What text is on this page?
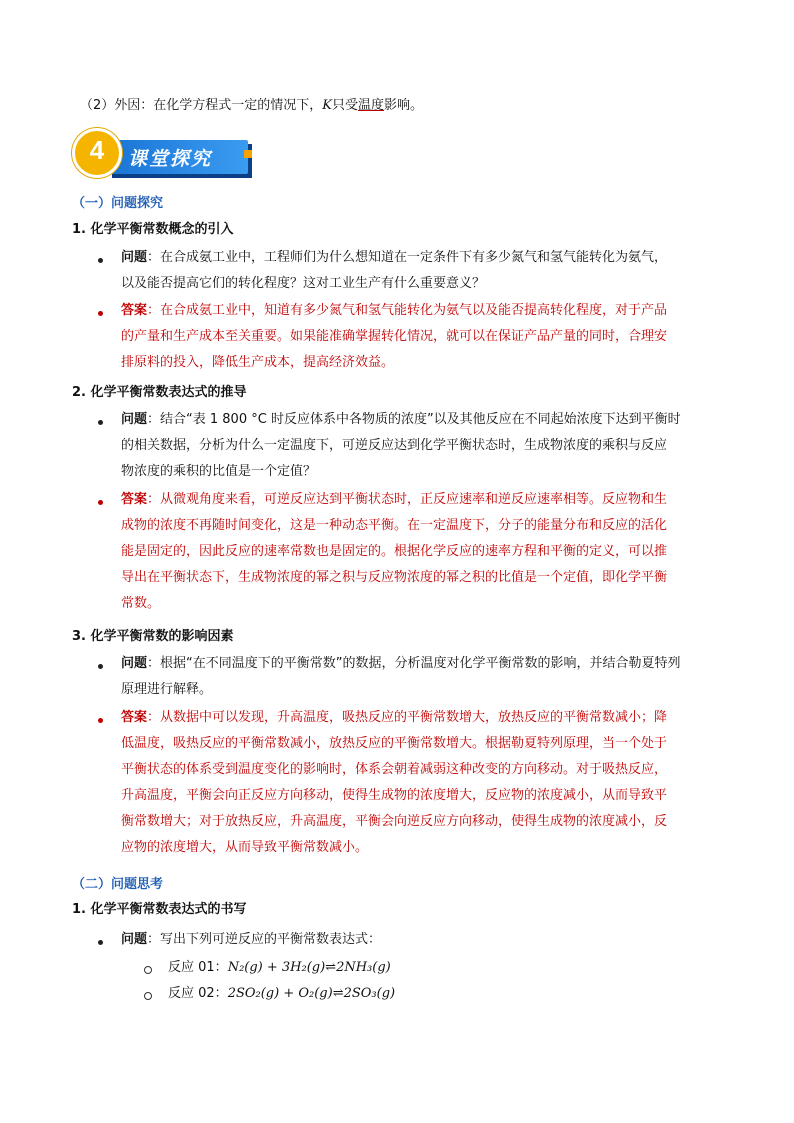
（2）外因：在化学方程式一定的情况下，K只受温度影响。
课堂探究
4
（一）问题探究
1. 化学平衡常数概念的引入
问题：在合成氨工业中，工程师们为什么想知道在一定条件下有多少氮气和氢气能转化为氨气，
以及能否提高它们的转化程度？这对工业生产有什么重要意义？
答案：在合成氨工业中，知道有多少氮气和氢气能转化为氨气以及能否提高转化程度，对于产品
的产量和生产成本至关重要。如果能准确掌握转化情况，就可以在保证产品产量的同时，合理安
排原料的投入，降低生产成本，提高经济效益。
2. 化学平衡常数表达式的推导
问题：结合“表 1 800 °C 时反应体系中各物质的浓度”以及其他反应在不同起始浓度下达到平衡时
的相关数据，分析为什么一定温度下，可逆反应达到化学平衡状态时，生成物浓度的乘积与反应
物浓度的乘积的比值是一个定值？
答案：从微观角度来看，可逆反应达到平衡状态时，正反应速率和逆反应速率相等。反应物和生
成物的浓度不再随时间变化，这是一种动态平衡。在一定温度下，分子的能量分布和反应的活化
能是固定的，因此反应的速率常数也是固定的。根据化学反应的速率方程和平衡的定义，可以推
导出在平衡状态下，生成物浓度的幂之积与反应物浓度的幂之积的比值是一个定值，即化学平衡
常数。
3. 化学平衡常数的影响因素
问题：根据“在不同温度下的平衡常数”的数据，分析温度对化学平衡常数的影响，并结合勒夏特列
原理进行解释。
答案：从数据中可以发现，升高温度，吸热反应的平衡常数增大，放热反应的平衡常数减小；降
低温度，吸热反应的平衡常数减小，放热反应的平衡常数增大。根据勒夏特列原理，当一个处于
平衡状态的体系受到温度变化的影响时，体系会朝着减弱这种改变的方向移动。对于吸热反应，
升高温度，平衡会向正反应方向移动，使得生成物的浓度增大，反应物的浓度减小，从而导致平
衡常数增大；对于放热反应，升高温度，平衡会向逆反应方向移动，使得生成物的浓度减小，反
应物的浓度增大，从而导致平衡常数减小。
（二）问题思考
1. 化学平衡常数表达式的书写
问题：写出下列可逆反应的平衡常数表达式：
反应 01：N₂(g) + 3H₂(g)⇌2NH₃(g)
反应 02：2SO₂(g) + O₂(g)⇌2SO₃(g)
